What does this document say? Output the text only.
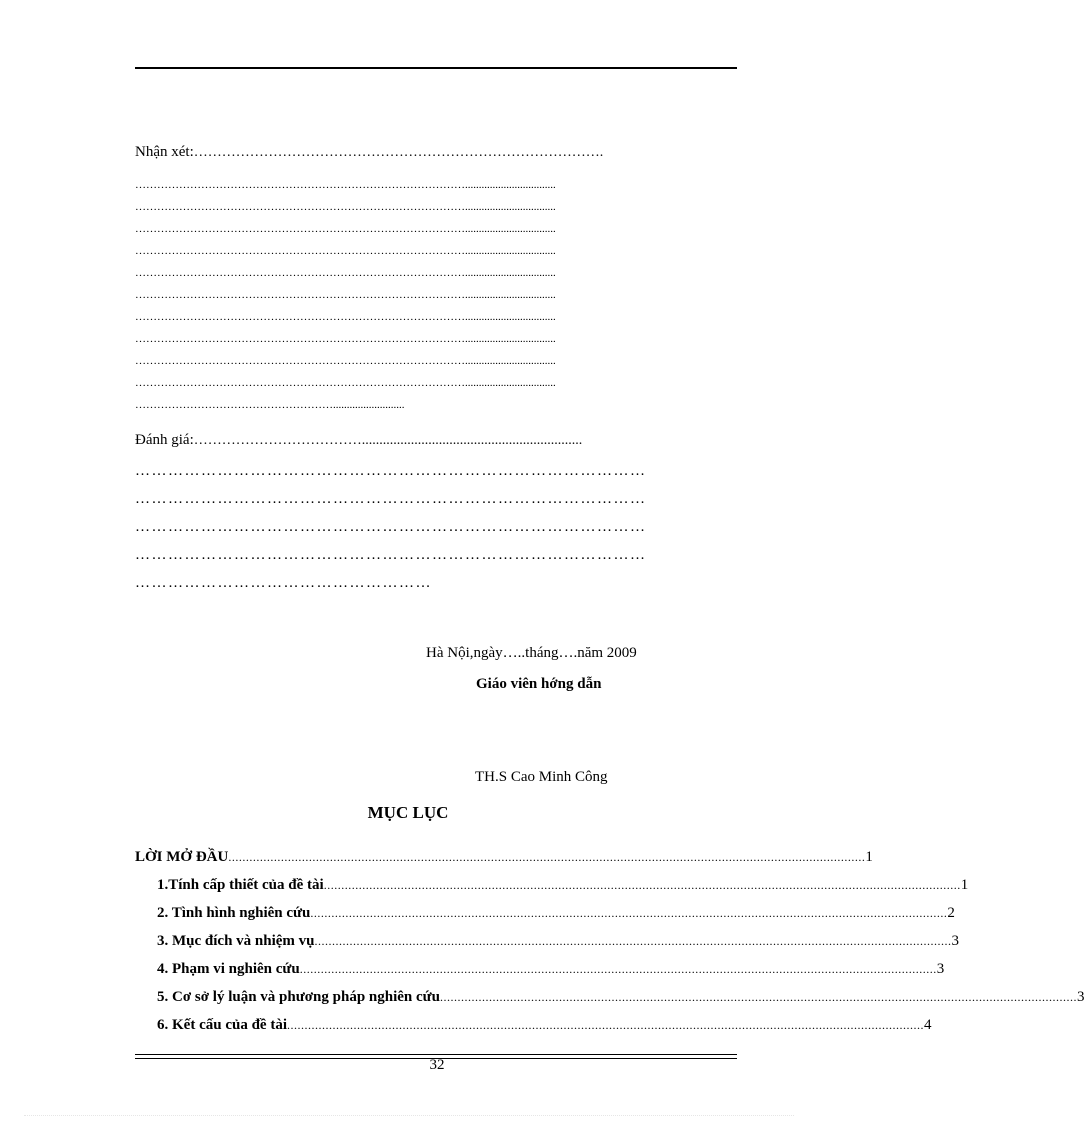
Nhận xét:…………………………………………………………………………….
……………………………………………………………………………….................................
……………………………………………………………………………….................................
……………………………………………………………………………….................................
……………………………………………………………………………….................................
……………………………………………………………………………….................................
……………………………………………………………………………….................................
……………………………………………………………………………….................................
……………………………………………………………………………….................................
……………………………………………………………………………….................................
……………………………………………………………………………….................................
………………………………………………..........................
Đánh giá:………………………………...............................................................
…………………………………………………………………………………
…………………………………………………………………………………
…………………………………………………………………………………
…………………………………………………………………………………
………………………………………………
Hà Nội,ngày…..tháng….năm 2009
Giáo viên hớng dẫn
TH.S Cao Minh Công
MỤC LỤC
LỜI MỞ ĐẦU ...................................................................................................................................................................................... 1
1.Tính cấp thiết của đề tài ...................................................................................................................................................................................... 1
2. Tình hình nghiên cứu ...................................................................................................................................................................................... 2
3. Mục đích và nhiệm vụ ...................................................................................................................................................................................... 3
4. Phạm vi nghiên cứu ...................................................................................................................................................................................... 3
5. Cơ sở lý luận và phương pháp nghiên cứu ...................................................................................................................................................................................... 3
6. Kết cấu của đề tài ...................................................................................................................................................................................... 4
32
